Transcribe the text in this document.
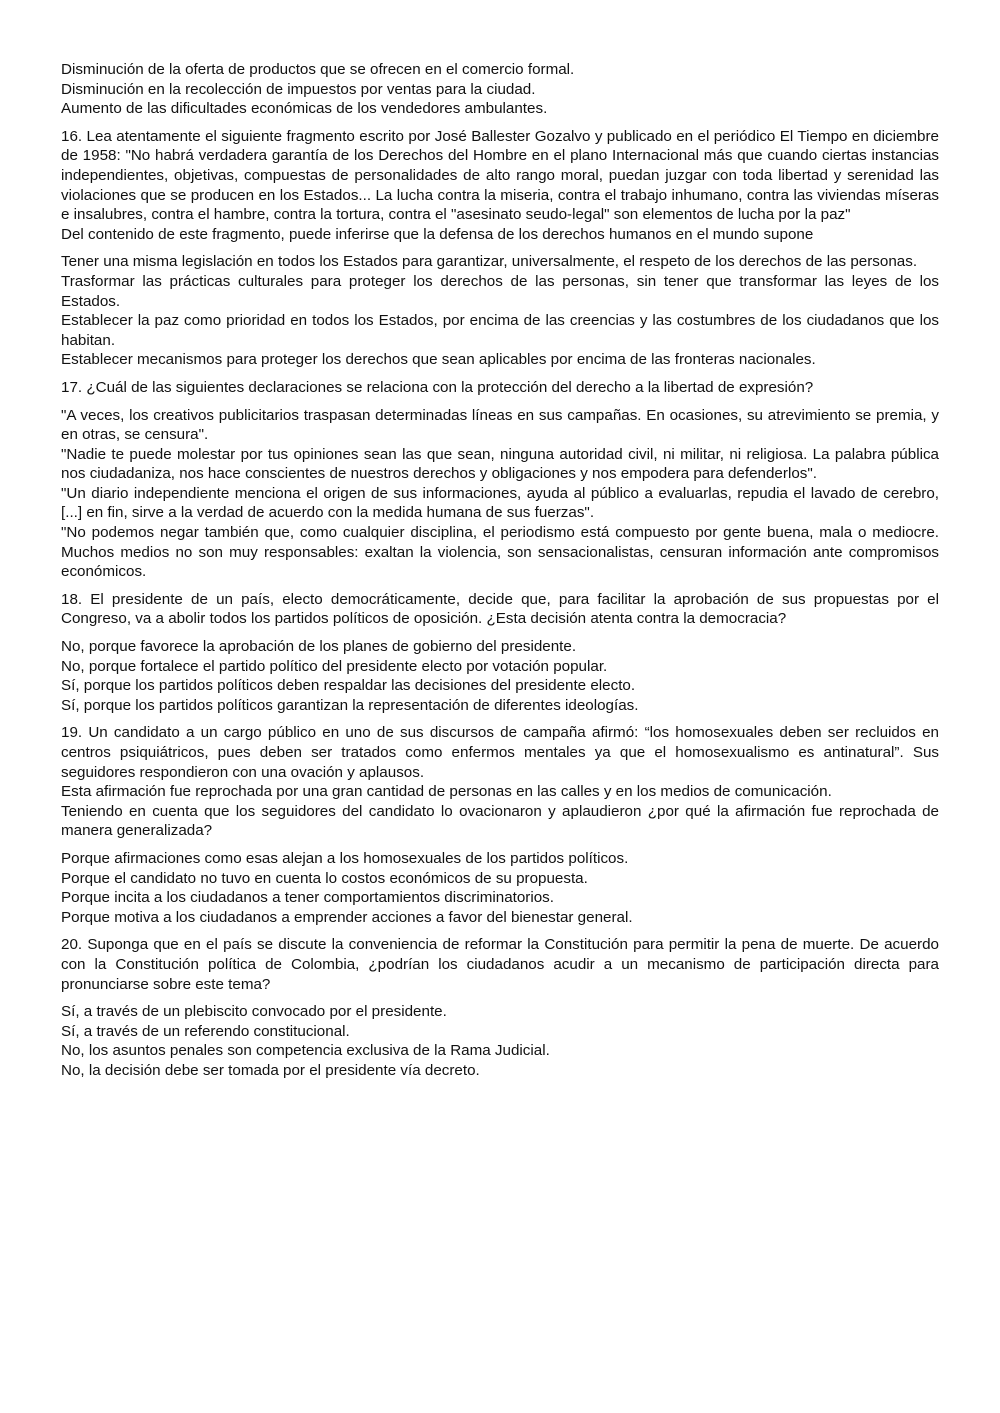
Disminución de la oferta de productos que se ofrecen en el comercio formal.
Disminución en la recolección de impuestos por ventas para la ciudad.
Aumento de las dificultades económicas de los vendedores ambulantes.

16. Lea atentamente el siguiente fragmento escrito por José Ballester Gozalvo y publicado en el periódico El Tiempo en diciembre de 1958: "No habrá verdadera garantía de los Derechos del Hombre en el plano Internacional más que cuando ciertas instancias independientes, objetivas, compuestas de personalidades de alto rango moral, puedan juzgar con toda libertad y serenidad las violaciones que se producen en los Estados... La lucha contra la miseria, contra el trabajo inhumano, contra las viviendas míseras e insalubres, contra el hambre, contra la tortura, contra el "asesinato seudo-legal" son elementos de lucha por la paz"

Del contenido de este fragmento, puede inferirse que la defensa de los derechos humanos en el mundo supone

Tener una misma legislación en todos los Estados para garantizar, universalmente, el respeto de los derechos de las personas.
Trasformar las prácticas culturales para proteger los derechos de las personas, sin tener que transformar las leyes de los Estados.
Establecer la paz como prioridad en todos los Estados, por encima de las creencias y las costumbres de los ciudadanos que los habitan.
Establecer mecanismos para proteger los derechos que sean aplicables por encima de las fronteras nacionales.

17. ¿Cuál de las siguientes declaraciones se relaciona con la protección del derecho a la libertad de expresión?

"A veces, los creativos publicitarios traspasan determinadas líneas en sus campañas. En ocasiones, su atrevimiento se premia, y en otras, se censura".
"Nadie te puede molestar por tus opiniones sean las que sean, ninguna autoridad civil, ni militar, ni religiosa. La palabra pública nos ciudadaniza, nos hace conscientes de nuestros derechos y obligaciones y nos empodera para defenderlos".
"Un diario independiente menciona el origen de sus informaciones, ayuda al público a evaluarlas, repudia el lavado de cerebro, [...] en fin, sirve a la verdad de acuerdo con la medida humana de sus fuerzas".
"No podemos negar también que, como cualquier disciplina, el periodismo está compuesto por gente buena, mala o mediocre. Muchos medios no son muy responsables: exaltan la violencia, son sensacionalistas, censuran información ante compromisos económicos.

18. El presidente de un país, electo democráticamente, decide que, para facilitar la aprobación de sus propuestas por el Congreso, va a abolir todos los partidos políticos de oposición. ¿Esta decisión atenta contra la democracia?

No, porque favorece la aprobación de los planes de gobierno del presidente.
No, porque fortalece el partido político del presidente electo por votación popular.
Sí, porque los partidos políticos deben respaldar las decisiones del presidente electo.
Sí, porque los partidos políticos garantizan la representación de diferentes ideologías.

19. Un candidato a un cargo público en uno de sus discursos de campaña afirmó: “los homosexuales deben ser recluidos en centros psiquiátricos, pues deben ser tratados como enfermos mentales ya que el homosexualismo es antinatural”. Sus seguidores respondieron con una ovación y aplausos.

Esta afirmación fue reprochada por una gran cantidad de personas en las calles y en los medios de comunicación.

Teniendo en cuenta que los seguidores del candidato lo ovacionaron y aplaudieron ¿por qué la afirmación fue reprochada de manera generalizada?

Porque afirmaciones como esas alejan a los homosexuales de los partidos políticos.
Porque el candidato no tuvo en cuenta lo costos económicos de su propuesta.
Porque incita a los ciudadanos a tener comportamientos discriminatorios.
Porque motiva a los ciudadanos a emprender acciones a favor del bienestar general.

20. Suponga que en el país se discute la conveniencia de reformar la Constitución para permitir la pena de muerte. De acuerdo con la Constitución política de Colombia, ¿podrían los ciudadanos acudir a un mecanismo de participación directa para pronunciarse sobre este tema?

Sí, a través de un plebiscito convocado por el presidente.
Sí, a través de un referendo constitucional.
No, los asuntos penales son competencia exclusiva de la Rama Judicial.
No, la decisión debe ser tomada por el presidente vía decreto.
